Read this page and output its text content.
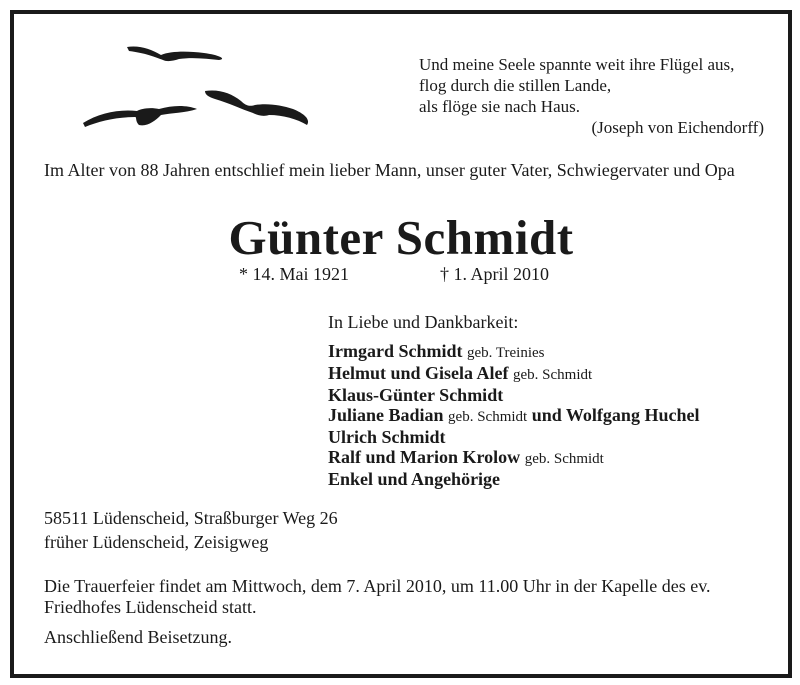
Und meine Seele spannte weit ihre Flügel aus,
flog durch die stillen Lande,
als flöge sie nach Haus.
(Joseph von Eichendorff)
Im Alter von 88 Jahren entschlief mein lieber Mann, unser guter Vater, Schwiegervater und Opa
Günter Schmidt
* 14. Mai 1921	† 1. April 2010
In Liebe und Dankbarkeit:
Irmgard Schmidt geb. Treinies
Helmut und Gisela Alef geb. Schmidt
Klaus-Günter Schmidt
Juliane Badian geb. Schmidt und Wolfgang Huchel
Ulrich Schmidt
Ralf und Marion Krolow geb. Schmidt
Enkel und Angehörige
58511 Lüdenscheid, Straßburger Weg 26
früher Lüdenscheid, Zeisigweg
Die Trauerfeier findet am Mittwoch, dem 7. April 2010, um 11.00 Uhr in der Kapelle des ev. Friedhofes Lüdenscheid statt.
Anschließend Beisetzung.
